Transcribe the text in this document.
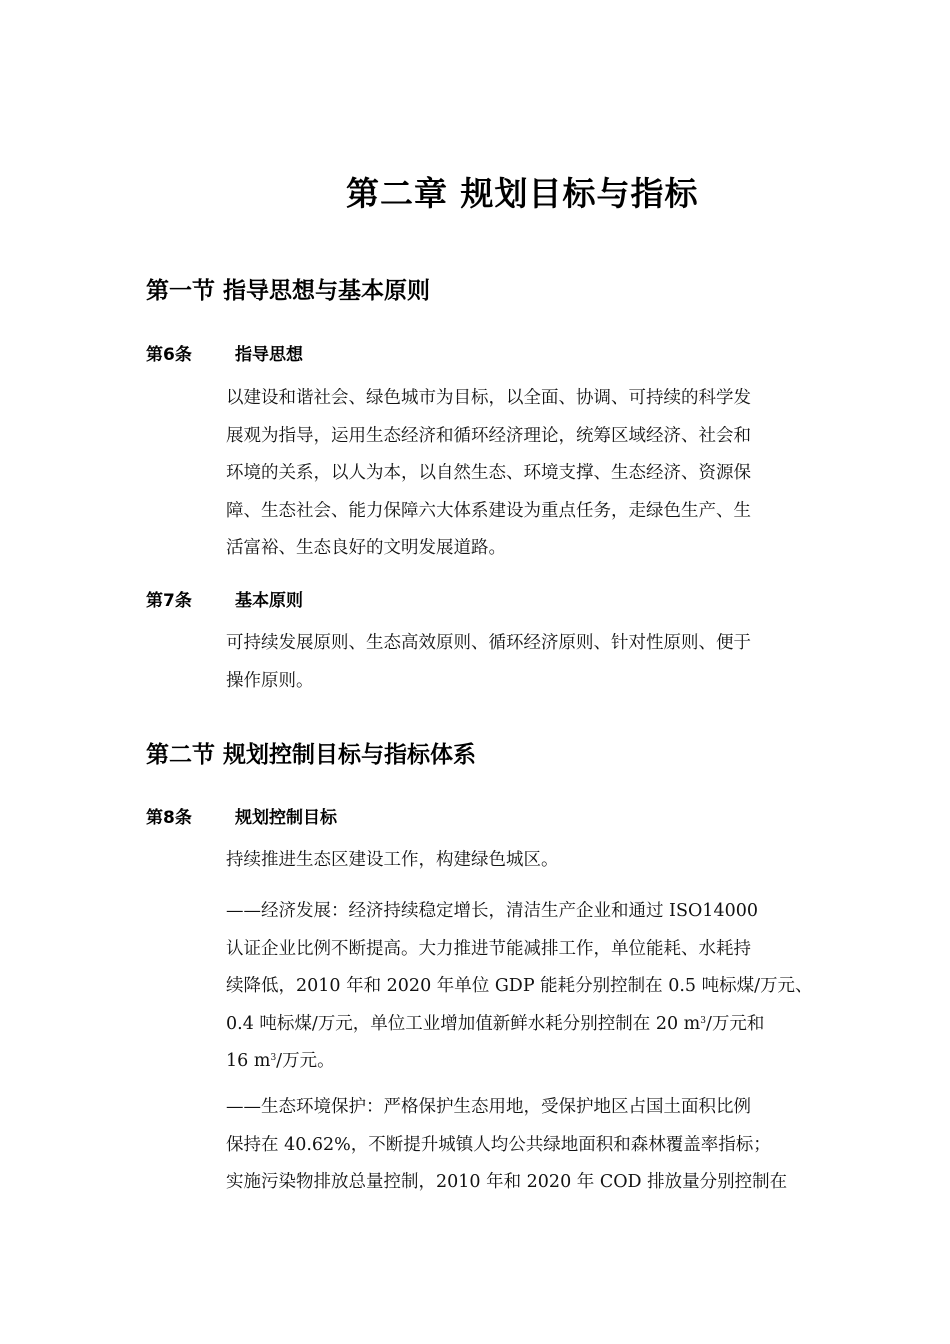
第二章 规划目标与指标
第一节 指导思想与基本原则
第6条	指导思想
以建设和谐社会、绿色城市为目标，以全面、协调、可持续的科学发
展观为指导，运用生态经济和循环经济理论，统筹区域经济、社会和
环境的关系，以人为本，以自然生态、环境支撑、生态经济、资源保
障、生态社会、能力保障六大体系建设为重点任务，走绿色生产、生
活富裕、生态良好的文明发展道路。
第7条	基本原则
可持续发展原则、生态高效原则、循环经济原则、针对性原则、便于
操作原则。
第二节 规划控制目标与指标体系
第8条	规划控制目标
持续推进生态区建设工作，构建绿色城区。
——经济发展：经济持续稳定增长，清洁生产企业和通过 ISO14000
认证企业比例不断提高。大力推进节能减排工作，单位能耗、水耗持
续降低，2010 年和 2020 年单位 GDP 能耗分别控制在 0.5 吨标煤/万元、
0.4 吨标煤/万元，单位工业增加值新鲜水耗分别控制在 20 $m^3/$万元和
16 $m^3/$万元。
——生态环境保护：严格保护生态用地，受保护地区占国土面积比例
保持在 40.62%，不断提升城镇人均公共绿地面积和森林覆盖率指标；
实施污染物排放总量控制，2010 年和 2020 年 COD 排放量分别控制在
